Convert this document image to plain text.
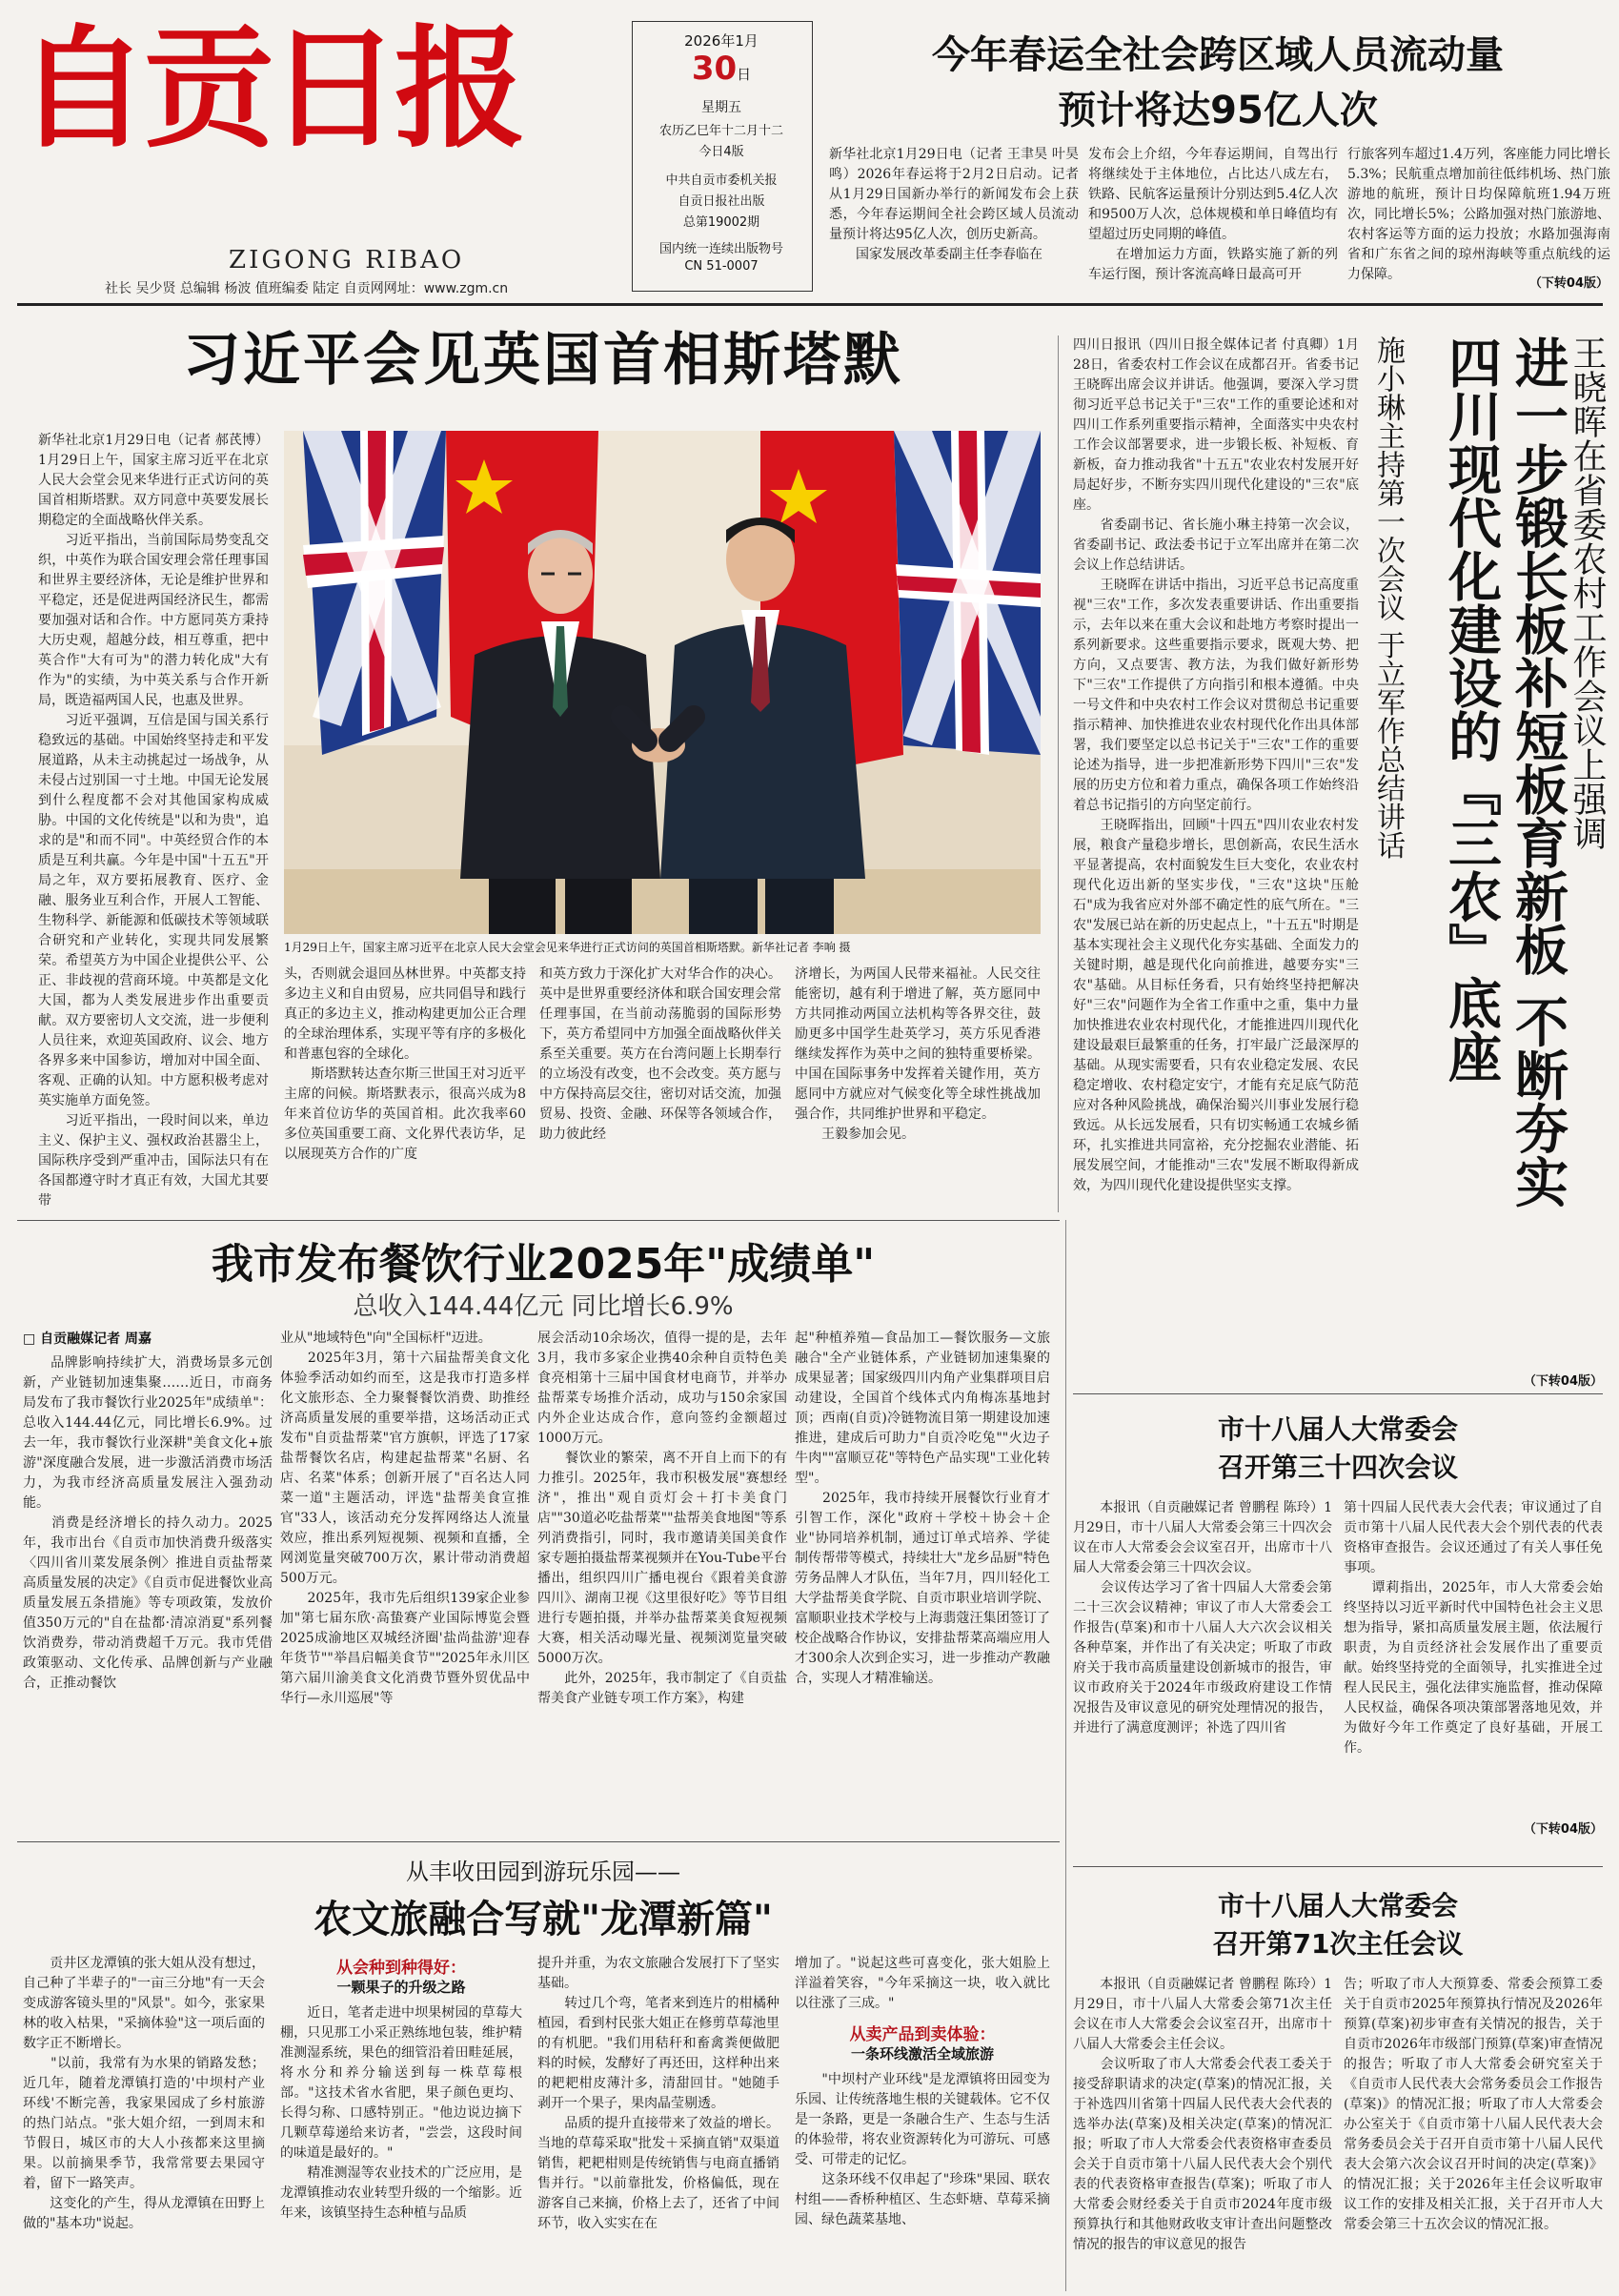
自贡日报
ZIGONG RIBAO
社长 吴少贤 总编辑 杨波 值班编委 陆定 自贡网网址：www.zgm.cn
2026年1月
30日
星期五
农历乙巳年十二月十二
今日4版
中共自贡市委机关报
自贡日报社出版
总第19002期
国内统一连续出版物号
CN 51-0007
今年春运全社会跨区域人员流动量
预计将达95亿人次
新华社北京1月29日电（记者 王聿昊 叶昊鸣）2026年春运将于2月2日启动。记者从1月29日国新办举行的新闻发布会上获悉，今年春运期间全社会跨区域人员流动量预计将达95亿人次，创历史新高。
　　国家发展改革委副主任李春临在
发布会上介绍，今年春运期间，自驾出行将继续处于主体地位，占比达八成左右，铁路、民航客运量预计分别达到5.4亿人次和9500万人次，总体规模和单日峰值均有望超过历史同期的峰值。
　　在增加运力方面，铁路实施了新的列车运行图，预计客流高峰日最高可开
行旅客列车超过1.4万列，客座能力同比增长5.3%；民航重点增加前往低纬机场、热门旅游地的航班，预计日均保障航班1.94万班次，同比增长5%；公路加强对热门旅游地、农村客运等方面的运力投放；水路加强海南省和广东省之间的琼州海峡等重点航线的运力保障。
（下转04版）
习近平会见英国首相斯塔默
新华社北京1月29日电（记者 郝芪博）1月29日上午，国家主席习近平在北京人民大会堂会见来华进行正式访问的英国首相斯塔默。双方同意中英要发展长期稳定的全面战略伙伴关系。
　　习近平指出，当前国际局势变乱交织，中英作为联合国安理会常任理事国和世界主要经济体，无论是维护世界和平稳定，还是促进两国经济民生，都需要加强对话和合作。中方愿同英方秉持大历史观，超越分歧，相互尊重，把中英合作"大有可为"的潜力转化成"大有作为"的实绩，为中英关系与合作开新局，既造福两国人民，也惠及世界。
　　习近平强调，互信是国与国关系行稳致远的基础。中国始终坚持走和平发展道路，从未主动挑起过一场战争，从未侵占过别国一寸土地。中国无论发展到什么程度都不会对其他国家构成威胁。中国的文化传统是"以和为贵"，追求的是"和而不同"。中英经贸合作的本质是互利共赢。今年是中国"十五五"开局之年，双方要拓展教育、医疗、金融、服务业互利合作，开展人工智能、生物科学、新能源和低碳技术等领域联合研究和产业转化，实现共同发展繁荣。希望英方为中国企业提供公平、公正、非歧视的营商环境。中英都是文化大国，都为人类发展进步作出重要贡献。双方要密切人文交流，进一步便利人员往来，欢迎英国政府、议会、地方各界多来中国参访，增加对中国全面、客观、正确的认知。中方愿积极考虑对英实施单方面免签。
　　习近平指出，一段时间以来，单边主义、保护主义、强权政治甚嚣尘上，国际秩序受到严重冲击，国际法只有在各国都遵守时才真正有效，大国尤其要带
1月29日上午，国家主席习近平在北京人民大会堂会见来华进行正式访问的英国首相斯塔默。新华社记者 李响 摄
头，否则就会退回丛林世界。中英都支持多边主义和自由贸易，应共同倡导和践行真正的多边主义，推动构建更加公正合理的全球治理体系，实现平等有序的多极化和普惠包容的全球化。
　　斯塔默转达查尔斯三世国王对习近平主席的问候。斯塔默表示，很高兴成为8年来首位访华的英国首相。此次我率60多位英国重要工商、文化界代表访华，足以展现英方合作的广度
和英方致力于深化扩大对华合作的决心。英中是世界重要经济体和联合国安理会常任理事国，在当前动荡脆弱的国际形势下，英方希望同中方加强全面战略伙伴关系至关重要。英方在台湾问题上长期奉行的立场没有改变，也不会改变。英方愿与中方保持高层交往，密切对话交流，加强贸易、投资、金融、环保等各领域合作，助力彼此经
济增长，为两国人民带来福祉。人民交往能密切，越有利于增进了解，英方愿同中方共同推动两国立法机构等各界交往，鼓励更多中国学生赴英学习，英方乐见香港继续发挥作为英中之间的独特重要桥梁。中国在国际事务中发挥着关键作用，英方愿同中方就应对气候变化等全球性挑战加强合作，共同维护世界和平稳定。
　　王毅参加会见。
王晓晖在省委农村工作会议上强调
进一步锻长板补短板育新板 不断夯实四川现代化建设的『三农』底座
施小琳主持第一次会议 于立军作总结讲话
四川日报讯（四川日报全媒体记者 付真卿）1月28日，省委农村工作会议在成都召开。省委书记王晓晖出席会议并讲话。他强调，要深入学习贯彻习近平总书记关于"三农"工作的重要论述和对四川工作系列重要指示精神，全面落实中央农村工作会议部署要求，进一步锻长板、补短板、育新板，奋力推动我省"十五五"农业农村发展开好局起好步，不断夯实四川现代化建设的"三农"底座。
　　省委副书记、省长施小琳主持第一次会议，省委副书记、政法委书记于立军出席并在第二次会议上作总结讲话。
　　王晓晖在讲话中指出，习近平总书记高度重视"三农"工作，多次发表重要讲话、作出重要指示，去年以来在重大会议和赴地方考察时提出一系列新要求。这些重要指示要求，既观大势、把方向，又点要害、教方法，为我们做好新形势下"三农"工作提供了方向指引和根本遵循。中央一号文件和中央农村工作会议对贯彻总书记重要指示精神、加快推进农业农村现代化作出具体部署，我们要坚定以总书记关于"三农"工作的重要论述为指导，进一步把准新形势下四川"三农"发展的历史方位和着力重点，确保各项工作始终沿着总书记指引的方向坚定前行。
　　王晓晖指出，回顾"十四五"四川农业农村发展，粮食产量稳步增长，思创新高，农民生活水平显著提高，农村面貌发生巨大变化，农业农村现代化迈出新的坚实步伐，"三农"这块"压舱石"成为我省应对外部不确定性的底气所在。"三农"发展已站在新的历史起点上，"十五五"时期是基本实现社会主义现代化夯实基础、全面发力的关键时期，越是现代化向前推进，越要夯实"三农"基础。从目标任务看，只有始终坚持把解决好"三农"问题作为全省工作重中之重，集中力量加快推进农业农村现代化，才能推进四川现代化建设最艰巨最繁重的任务，打牢最广泛最深厚的基础。从现实需要看，只有农业稳定发展、农民稳定增收、农村稳定安宁，才能有充足底气防范应对各种风险挑战，确保治蜀兴川事业发展行稳致远。从长远发展看，只有切实畅通工农城乡循环，扎实推进共同富裕，充分挖掘农业潜能、拓展发展空间，才能推动"三农"发展不断取得新成效，为四川现代化建设提供坚实支撑。
（下转04版）
我市发布餐饮行业2025年"成绩单"
总收入144.44亿元 同比增长6.9%
□ 自贡融媒记者 周嘉
　　品牌影响持续扩大，消费场景多元创新，产业链韧加速集聚……近日，市商务局发布了我市餐饮行业2025年"成绩单"：总收入144.44亿元，同比增长6.9%。过去一年，我市餐饮行业深耕"美食文化+旅游"深度融合发展，进一步激活消费市场活力，为我市经济高质量发展注入强劲动能。
　　消费是经济增长的持久动力。2025年，我市出台《自贡市加快消费升级落实〈四川省川菜发展条例〉推进自贡盐帮菜高质量发展的决定》《自贡市促进餐饮业高质量发展五条措施》等专项政策，发放价值350万元的"自在盐都·清凉消夏"系列餐饮消费券，带动消费超千万元。我市凭借政策驱动、文化传承、品牌创新与产业融合，正推动餐饮
业从"地域特色"向"全国标杆"迈进。
　　2025年3月，第十六届盐帮美食文化体验季活动如约而至，这是我市打造多样化文旅形态、全力聚餐餐饮消费、助推经济高质量发展的重要举措，这场活动正式发布"自贡盐帮菜"官方旗帜，评选了17家盐帮餐饮名店，构建起盐帮菜"名厨、名店、名菜"体系；创新开展了"百名达人同菜一道"主题活动，评选"盐帮美食宣推官"33人，该活动充分发挥网络达人流量效应，推出系列短视频、视频和直播，全网浏览量突破700万次，累计带动消费超500万元。
　　2025年，我市先后组织139家企业参加"第七届东欣·高蛰赛产业国际博览会暨2025成渝地区双城经济圈'盐尚盐游'迎春年货节""举昌启幅美食节""2025年永川区第六届川渝美食文化消费节暨外贸优品中华行—永川巡展"等
展会活动10余场次，值得一提的是，去年3月，我市多家企业携40余种自贡特色美食亮相第十三届中国食材电商节，并举办盐帮菜专场推介活动，成功与150余家国内外企业达成合作，意向签约金额超过1000万元。
　　餐饮业的繁荣，离不开自上而下的有力推引。2025年，我市积极发展"赛想经济"，推出"观自贡灯会＋打卡美食门店""30道必吃盐帮菜""盐帮美食地图"等系列消费指引，同时，我市邀请美国美食作家专题拍摄盐帮菜视频并在You-Tube平台播出，组织四川广播电视台《跟着美食游四川》、湖南卫视《这里很好吃》等节目组进行专题拍摄，并举办盐帮菜美食短视频大赛，相关活动曝光量、视频浏览量突破5000万次。
　　此外，2025年，我市制定了《自贡盐帮美食产业链专项工作方案》，构建
起"种植养殖—食品加工—餐饮服务—文旅融合"全产业链体系，产业链韧加速集聚的成果显著；国家级四川内角产业集群项目启动建设，全国首个线体式内角梅冻基地封顶；西南(自贡)冷链物流目第一期建设加速推进，建成后可助力"自贡冷吃兔""火边子牛肉""富顺豆花"等特色产品实现"工业化转型"。
　　2025年，我市持续开展餐饮行业育才引智工作，深化"政府＋学校＋协会＋企业"协同培养机制，通过订单式培养、学徒制传帮带等模式，持续壮大"龙乡品厨"特色劳务品牌人才队伍，当年7月，四川轻化工大学盐帮美食学院、自贡市职业培训学院、富顺职业技术学校与上海翡蔻汪集团签订了校企战略合作协议，安排盐帮菜高端应用人才300余人次到企实习，进一步推动产教融合，实现人才精准输送。
从丰收田园到游玩乐园——
农文旅融合写就"龙潭新篇"
　　贡井区龙潭镇的张大姐从没有想过，自己种了半辈子的"一亩三分地"有一天会变成游客镜头里的"风景"。如今，张家果林的收入枯果，"采摘体验"这一项后面的数字正不断增长。
　　"以前，我常有为水果的销路发愁；近几年，随着龙潭镇打造的'中坝村产业环线'不断完善，我家果园成了乡村旅游的热门站点。"张大姐介绍，一到周末和节假日，城区市的大人小孩都来这里摘果。以前摘果季节，我常常要去果园守着，留下一路笑声。
　　这变化的产生，得从龙潭镇在田野上做的"基本功"说起。
从会种到种得好：
一颗果子的升级之路
　　近日，笔者走进中坝果树园的草莓大棚，只见那工小采正熟练地包装，维护精准测湿系统，果色的细管沿着田畦延展，将水分和养分输送到每一株草莓根部。"这技术省水省肥，果子颜色更均、长得匀称、口感特别正。"他边说边摘下几颗草莓递给来访者，"尝尝，这段时间的味道是最好的。"
　　精准测湿等农业技术的广泛应用，是龙潭镇推动农业转型升级的一个缩影。近年来，该镇坚持生态种植与品质
提升并重，为农文旅融合发展打下了坚实基础。
　　转过几个弯，笔者来到连片的柑橘种植园，看到村民张大姐正在修剪草莓池里的有机肥。"我们用秸秆和畜禽粪便做肥料的时候，发酵好了再还田，这样种出来的耙耙柑皮薄汁多，清甜回甘。"她随手剥开一个果子，果肉晶莹剔透。
　　品质的提升直接带来了效益的增长。当地的草莓采取"批发＋采摘直销"双渠道销售，耙耙柑则是传统销售与电商直播销售并行。"以前靠批发，价格偏低，现在游客自己来摘，价格上去了，还省了中间环节，收入实实在在
增加了。"说起这些可喜变化，张大姐脸上洋溢着笑容，"今年采摘这一块，收入就比以往涨了三成。"
从卖产品到卖体验：
一条环线激活全域旅游
　　"中坝村产业环线"是龙潭镇将田园变为乐园、让传统落地生根的关键载体。它不仅是一条路，更是一条融合生产、生态与生活的体验带，将农业资源转化为可游玩、可感受、可带走的记忆。
　　这条环线不仅串起了"珍珠"果园、联农村组——香桥种植区、生态虾塘、草莓采摘园、绿色蔬菜基地、
市十八届人大常委会
召开第三十四次会议
　　本报讯（自贡融媒记者 曾鹏程 陈玲）1月29日，市十八届人大常委会第三十四次会议在市人大常委会会议室召开，出席市十八届人大常委会第三十四次会议。
　　会议传达学习了省十四届人大常委会第二十三次会议精神；审议了市人大常委会工作报告(草案)和市十八届人大六次会议相关各种草案，并作出了有关决定；听取了市政府关于我市高质量建设创新城市的报告，审议市政府关于2024年市级政府建设工作情况报告及审议意见的研究处理情况的报告，并进行了满意度测评；补选了四川省
第十四届人民代表大会代表；审议通过了自贡市第十八届人民代表大会个别代表的代表资格审查报告。会议还通过了有关人事任免事项。
　　谭莉指出，2025年，市人大常委会始终坚持以习近平新时代中国特色社会主义思想为指导，紧扣高质量发展主题，依法履行职责，为自贡经济社会发展作出了重要贡献。始终坚持党的全面领导，扎实推进全过程人民民主，强化法律实施监督，推动保障人民权益，确保各项决策部署落地见效，并为做好今年工作奠定了良好基础，开展工作。
（下转04版）
市十八届人大常委会
召开第71次主任会议
　　本报讯（自贡融媒记者 曾鹏程 陈玲）1月29日，市十八届人大常委会第71次主任会议在市人大常委会会议室召开，出席市十八届人大常委会主任会议。
　　会议听取了市人大常委会代表工委关于接受辞职请求的决定(草案)的情况汇报，关于补选四川省第十四届人民代表大会代表的选举办法(草案)及相关决定(草案)的情况汇报；听取了市人大常委会代表资格审查委员会关于自贡市第十八届人民代表大会个别代表的代表资格审查报告(草案)；听取了市人大常委会财经委关于自贡市2024年度市级预算执行和其他财政收支审计查出问题整改情况的报告的审议意见的报告
告；听取了市人大预算委、常委会预算工委关于自贡市2025年预算执行情况及2026年预算(草案)初步审查有关情况的报告，关于自贡市2026年市级部门预算(草案)审查情况的报告；听取了市人大常委会研究室关于《自贡市人民代表大会常务委员会工作报告(草案)》的情况汇报；听取了市人大常委会办公室关于《自贡市第十八届人民代表大会常务委员会关于召开自贡市第十八届人民代表大会第六次会议召开时间的决定(草案)》的情况汇报；关于2026年主任会议听取审议工作的安排及相关汇报，关于召开市人大常委会第三十五次会议的情况汇报。
